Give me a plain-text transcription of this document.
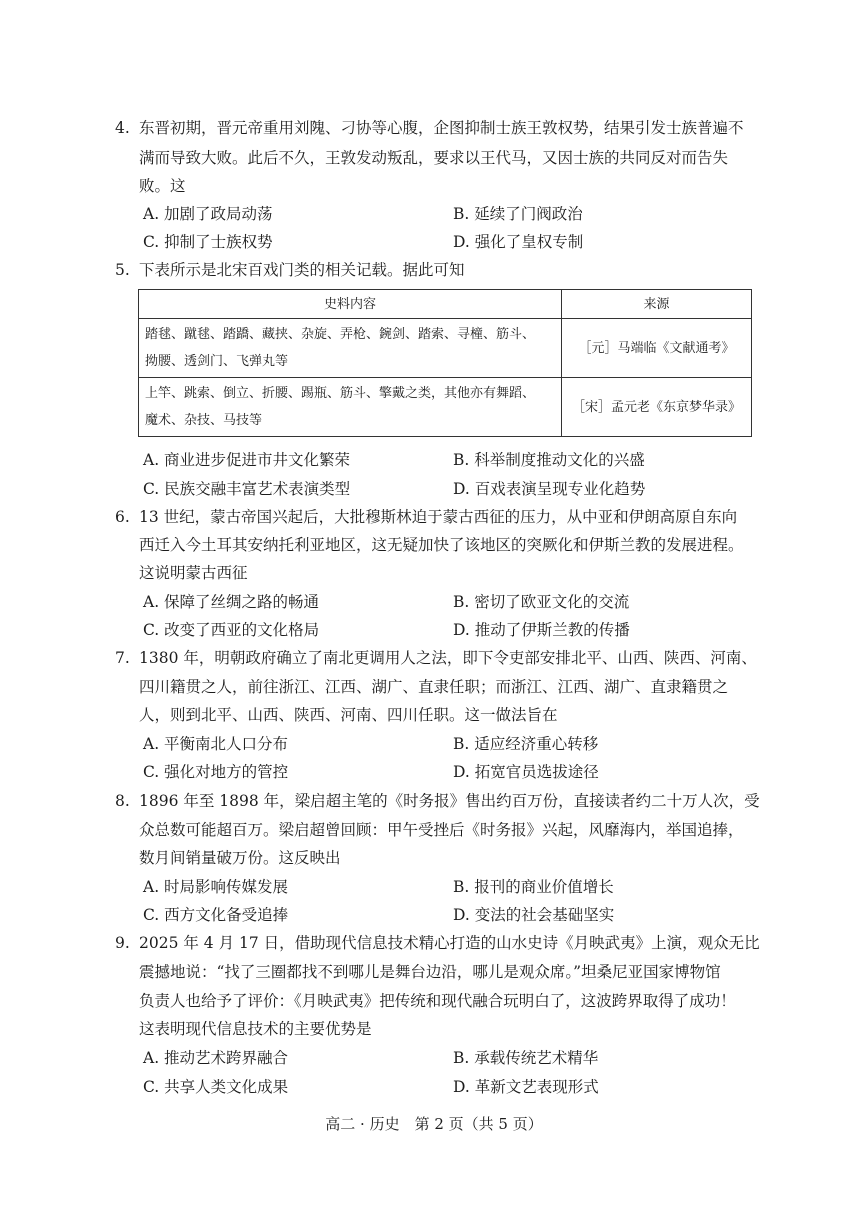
4. 东晋初期，晋元帝重用刘隗、刁协等心腹，企图抑制士族王敦权势，结果引发士族普遍不
满而导致大败。此后不久，王敦发动叛乱，要求以王代马，又因士族的共同反对而告失
败。这
A. 加剧了政局动荡	B. 延续了门阀政治
C. 抑制了士族权势	D. 强化了皇权专制
5. 下表所示是北宋百戏门类的相关记载。据此可知
史料内容	来源

踏毬、蹴毬、踏蹻、藏挟、杂旋、弄枪、鋺剑、踏索、寻橦、筋斗、
拗腰、透剑门、飞弹丸等	［元］马端临《文献通考》

上竿、跳索、倒立、折腰、踢瓶、筋斗、擎戴之类，其他亦有舞蹈、
魔术、杂技、马技等	［宋］孟元老《东京梦华录》
A. 商业进步促进市井文化繁荣	B. 科举制度推动文化的兴盛
C. 民族交融丰富艺术表演类型	D. 百戏表演呈现专业化趋势
6. 13 世纪，蒙古帝国兴起后，大批穆斯林迫于蒙古西征的压力，从中亚和伊朗高原自东向
西迁入今土耳其安纳托利亚地区，这无疑加快了该地区的突厥化和伊斯兰教的发展进程。
这说明蒙古西征
A. 保障了丝绸之路的畅通	B. 密切了欧亚文化的交流
C. 改变了西亚的文化格局	D. 推动了伊斯兰教的传播
7. 1380 年，明朝政府确立了南北更调用人之法，即下令吏部安排北平、山西、陕西、河南、
四川籍贯之人，前往浙江、江西、湖广、直隶任职；而浙江、江西、湖广、直隶籍贯之
人，则到北平、山西、陕西、河南、四川任职。这一做法旨在
A. 平衡南北人口分布	B. 适应经济重心转移
C. 强化对地方的管控	D. 拓宽官员选拔途径
8. 1896 年至 1898 年，梁启超主笔的《时务报》售出约百万份，直接读者约二十万人次，受
众总数可能超百万。梁启超曾回顾：甲午受挫后《时务报》兴起，风靡海内，举国追捧，
数月间销量破万份。这反映出
A. 时局影响传媒发展	B. 报刊的商业价值增长
C. 西方文化备受追捧	D. 变法的社会基础坚实
9. 2025 年 4 月 17 日，借助现代信息技术精心打造的山水史诗《月映武夷》上演，观众无比
震撼地说：“找了三圈都找不到哪儿是舞台边沿，哪儿是观众席。”坦桑尼亚国家博物馆
负责人也给予了评价：《月映武夷》把传统和现代融合玩明白了，这波跨界取得了成功！
这表明现代信息技术的主要优势是
A. 推动艺术跨界融合	B. 承载传统艺术精华
C. 共享人类文化成果	D. 革新文艺表现形式
高二 · 历史　第 2 页（共 5 页）
